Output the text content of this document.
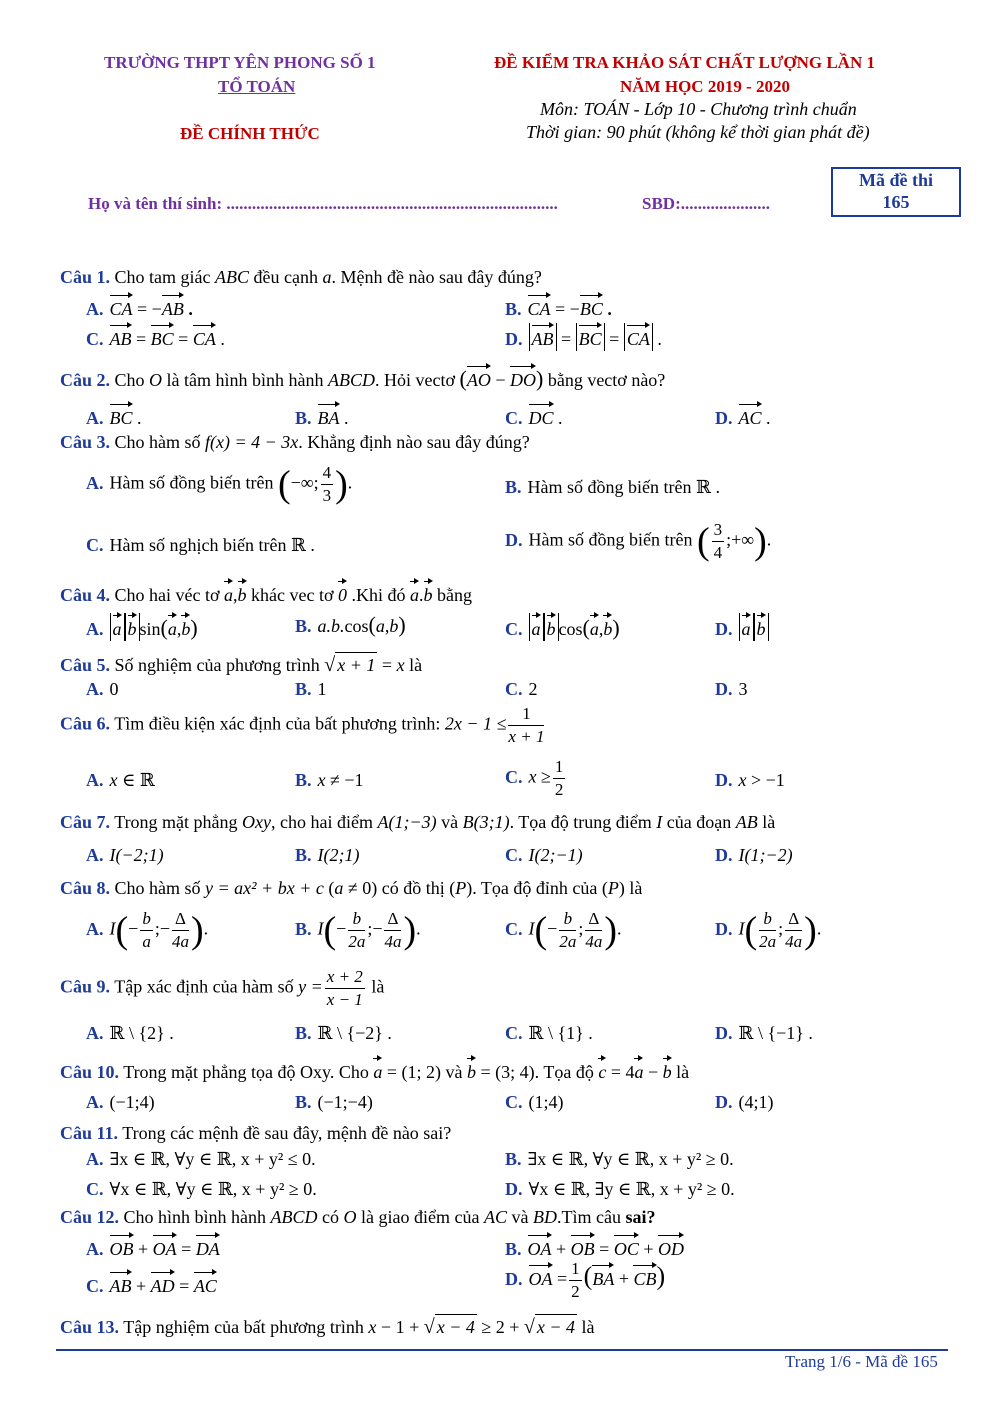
TRƯỜNG THPT YÊN PHONG SỐ 1
TỔ TOÁN
ĐỀ CHÍNH THỨC
ĐỀ KIỂM TRA KHẢO SÁT CHẤT LƯỢNG LẦN 1
NĂM HỌC 2019 - 2020
Môn: TOÁN - Lớp 10 - Chương trình chuẩn
Thời gian: 90 phút (không kể thời gian phát đề)
Mã đề thi
165
Họ và tên thí sinh: ..............................................................................	SBD:.....................
Câu 1. Cho tam giác ABC đều cạnh a. Mệnh đề nào sau đây đúng?
A. CA = −AB .	B. CA = −BC .
C. AB = BC = CA .	D. AB = BC = CA .
Câu 2. Cho O là tâm hình bình hành ABCD. Hỏi vectơ (AO − DO) bằng vectơ nào?
A. BC .	B. BA .	C. DC .	D. AC .
Câu 3. Cho hàm số f(x) = 4 − 3x. Khẳng định nào sau đây đúng?
A. Hàm số đồng biến trên (−∞; $\frac{4}{3}$ ).	B. Hàm số đồng biến trên ℝ .
C. Hàm số nghịch biến trên ℝ .	D. Hàm số đồng biến trên ( $\frac{3}{4}$ ;+∞).
Câu 4. Cho hai véc tơ a,b khác vec tơ 0 .Khi đó a.b bằng
A. a b sin(a,b)	B. a.b.cos(a,b)	C. a b cos(a,b)	D. a b
Câu 5. Số nghiệm của phương trình √ x + 1 = x là
A. 0	B. 1	C. 2	D. 3
Câu 6. Tìm điều kiện xác định của bất phương trình: $2x - 1 \le \frac{1}{x + 1}$
A. x ∈ ℝ	B. x ≠ −1	C. $x \ge \frac{1}{2}$	D. x > −1
Câu 7. Trong mặt phẳng Oxy, cho hai điểm A(1;−3) và B(3;1). Tọa độ trung điểm I của đoạn AB là
A. I(−2;1)	B. I(2;1)	C. I(2;−1)	D. I(1;−2)
Câu 8. Cho hàm số y = ax² + bx + c (a ≠ 0) có đồ thị (P). Tọa độ đỉnh của (P) là
A. $I(- \frac{b}{a}$ ;− $\frac{\Delta}{4a}$ ).	B. $I(- \frac{b}{2a}$ ;− $\frac{\Delta}{4a}$ ).	C. $I(- \frac{b}{2a}$ ; $\frac{\Delta}{4a}$ ).	D. $I( \frac{b}{2a}$ ; $\frac{\Delta}{4a}$ ).
Câu 9. Tập xác định của hàm số $y = \frac{x + 2}{x - 1}$ là
A. ℝ \ {2} .	B. ℝ \ {−2} .	C. ℝ \ {1} .	D. ℝ \ {−1} .
Câu 10. Trong mặt phẳng tọa độ Oxy. Cho a = (1; 2) và b = (3; 4). Tọa độ c = 4a − b là
A. (−1;4)	B. (−1;−4)	C. (1;4)	D. (4;1)
Câu 11. Trong các mệnh đề sau đây, mệnh đề nào sai?
A. ∃x ∈ ℝ, ∀y ∈ ℝ, x + y² ≤ 0.	B. ∃x ∈ ℝ, ∀y ∈ ℝ, x + y² ≥ 0.
C. ∀x ∈ ℝ, ∀y ∈ ℝ, x + y² ≥ 0.	D. ∀x ∈ ℝ, ∃y ∈ ℝ, x + y² ≥ 0.
Câu 12. Cho hình bình hành ABCD có O là giao điểm của AC và BD.Tìm câu sai?
A. OB + OA = DA	B. OA + OB = OC + OD
C. AB + AD = AC	D. OA = $\frac{1}{2} (BA + CB)$
Câu 13. Tập nghiệm của bất phương trình x − 1 + √ x − 4 ≥ 2 + √ x − 4 là
Trang 1/6 - Mã đề 165
